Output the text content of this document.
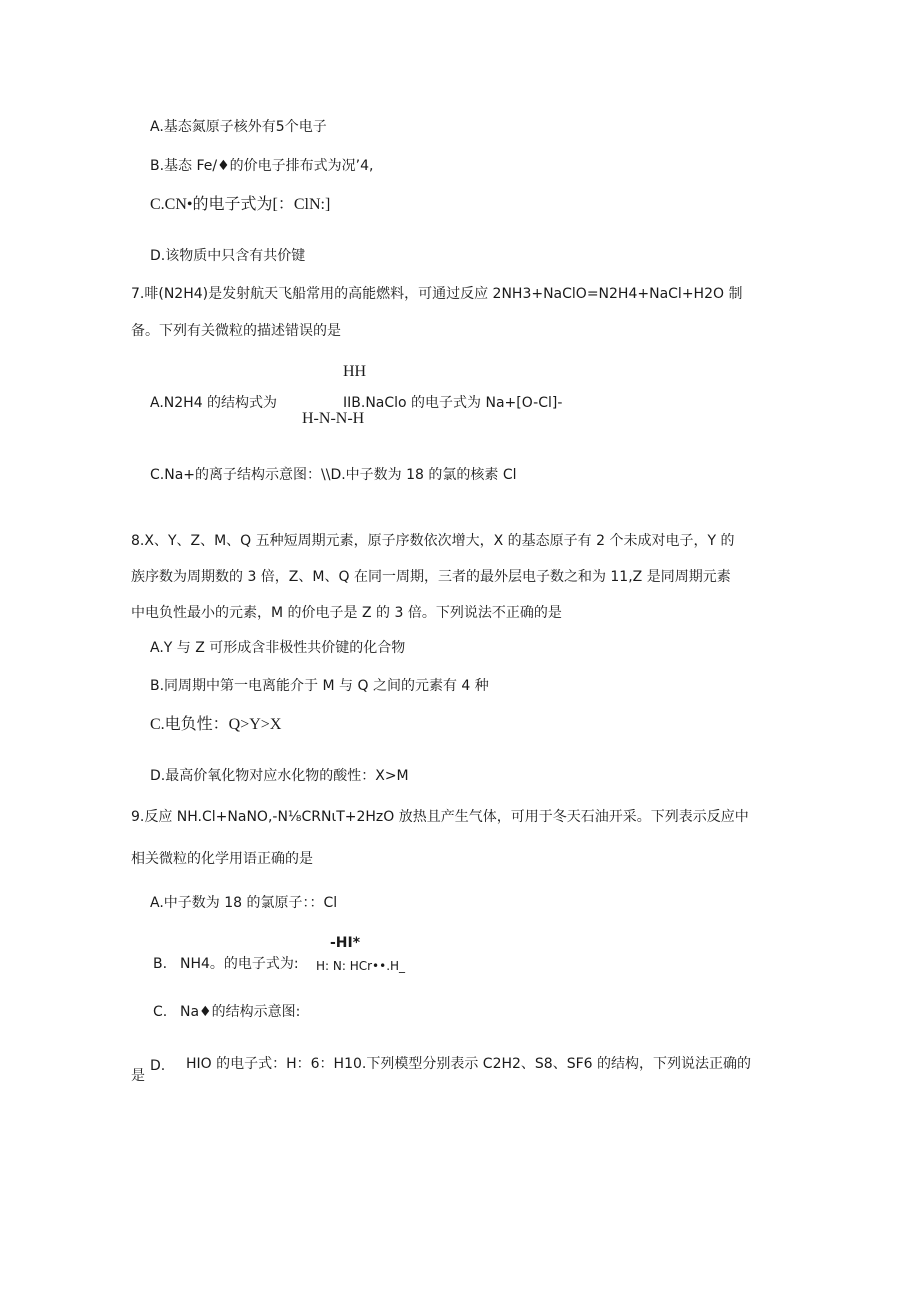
A.基态氮原子核外有5个电子
B.基态 Fe/♦的价电子排布式为况’4,
C.CN•的电子式为[：ClN:]
D.该物质中只含有共价键
7.啡(N2H4)是发射航天飞船常用的高能燃料，可通过反应 2NH3+NaClO=N2H4+NaCl+H2O 制
备。下列有关微粒的描述错误的是
HH
A.N2H4 的结构式为	IIB.NaClo 的电子式为 Na+[O-Cl]-
H-N-N-H
C.Na+的离子结构示意图：\\D.中子数为 18 的氯的核素 Cl
8.X、Y、Z、M、Q 五种短周期元素，原子序数依次增大，X 的基态原子有 2 个未成对电子，Y 的
族序数为周期数的 3 倍，Z、M、Q 在同一周期，三者的最外层电子数之和为 11,Z 是同周期元素
中电负性最小的元素，M 的价电子是 Z 的 3 倍。下列说法不正确的是
A.Y 与 Z 可形成含非极性共价键的化合物
B.同周期中第一电离能介于 M 与 Q 之间的元素有 4 种
C.电负性：Q>Y>X
D.最高价氧化物对应水化物的酸性：X>M
9.反应 NH.Cl+NaNO,-N⅛CRNιT+2HzO 放热且产生气体，可用于冬天石油开采。下列表示反应中
相关微粒的化学用语正确的是
A.中子数为 18 的氯原子：：Cl
-HI*
B. NH4。的电子式为: H: N: HCr••.H_
C. Na♦的结构示意图:
D. HIO 的电子式：H：6：H10.下列模型分别表示 C2H2、S8、SF6 的结构，下列说法正确的
是
